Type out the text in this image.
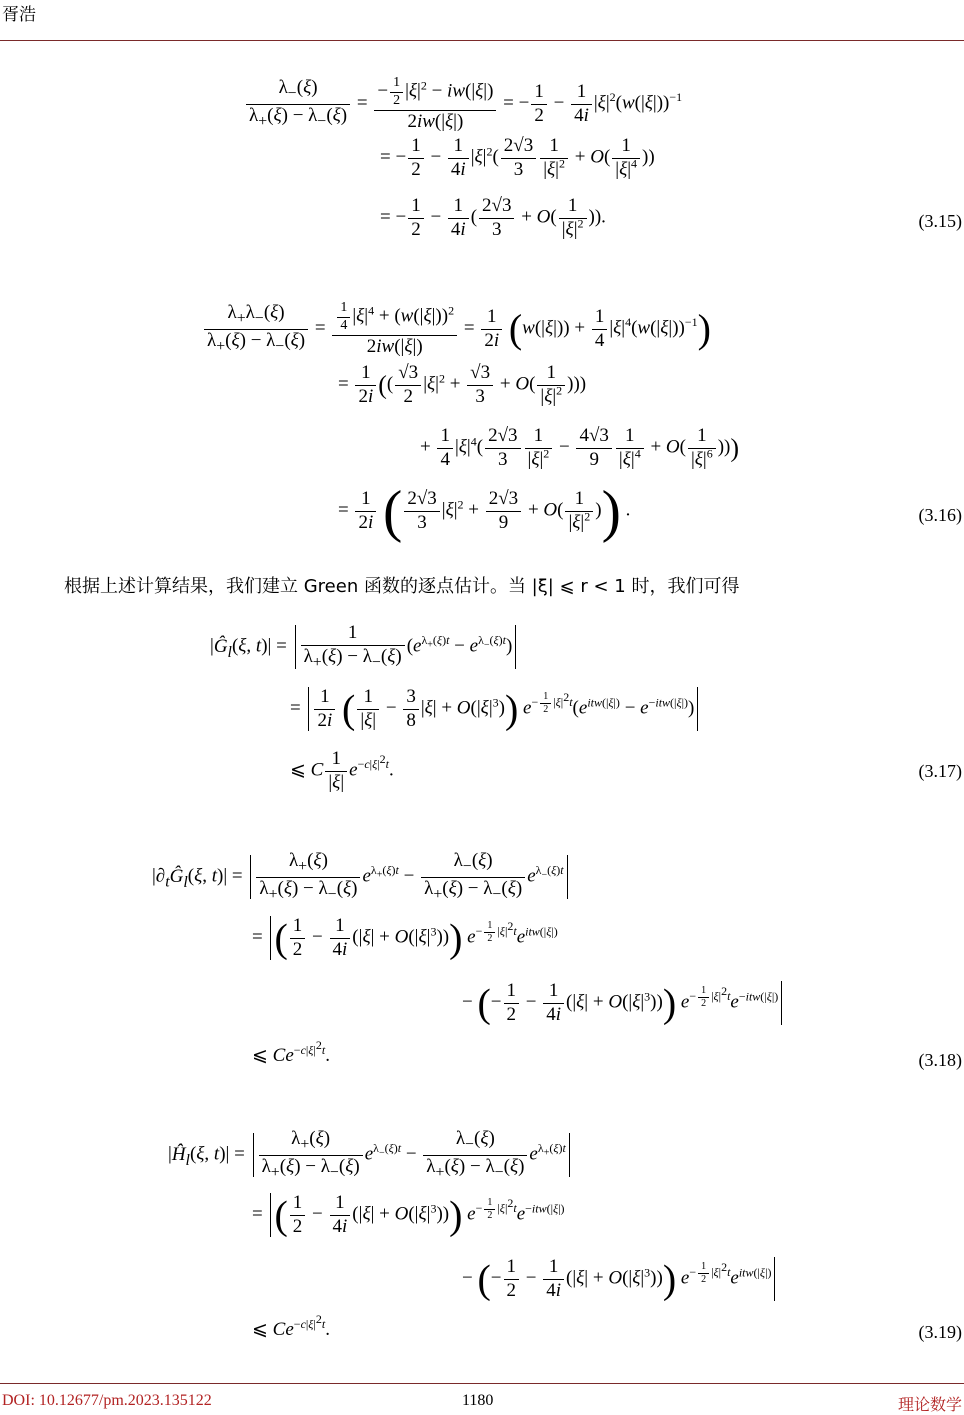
胥浩
$\frac{\lambda_-(\xi)}{\lambda_+(\xi) - \lambda_-(\xi)} = \frac{- \frac{1}{2} |\xi|^2 - iw(|\xi|)}{2iw(|\xi|)}$ = − $\frac{1}{2} - \frac{1}{4i} |\xi|^2(w(|\xi|))^{-1}$
= − $\frac{1}{2} - \frac{1}{4i} |\xi|^2( \frac{2√3}{3} \frac{1}{|\xi|^2} + O( \frac{1}{|\xi|^4}$ ))
= − $\frac{1}{2} - \frac{1}{4i}$ ( $\frac{2√3}{3} + O( \frac{1}{|\xi|^2}$ )).	(3.15)
$\frac{\lambda_+\lambda_-(\xi)}{\lambda_+(\xi) - \lambda_-(\xi)} = \frac{\frac{1}{4} |\xi|^4 + (w(|\xi|))^2}{2iw(|\xi|)} = \frac{1}{2i} (w(|\xi|)) + \frac{1}{4} |\xi|^4(w(|\xi|))^{-1}$)
= $\frac{1}{2i}$ (( $\frac{√3}{2} |\xi|^2 + \frac{√3}{3} + O( \frac{1}{|\xi|^2}$ )))
+ $\frac{1}{4} |\xi|^4( \frac{2√3}{3} \frac{1}{|\xi|^2} - \frac{4√3}{9} \frac{1}{|\xi|^4} + O( \frac{1}{|\xi|^6}$ )))
= $\frac{1}{2i}$ ( $\frac{2√3}{3} |\xi|^2 + \frac{2√3}{9} + O( \frac{1}{|\xi|^2}$ )) .	(3.16)
根据上述计算结果，我们建立 Green 函数的逐点估计。当 |ξ| ⩽ r < 1 时，我们可得
$|Ĝ_l(\xi$, $t)| = \frac{1}{\lambda_+(\xi) - \lambda_-(\xi)} (e^{\lambda_+(\xi)t} - e^{\lambda_-(\xi)t})$
= $\frac{1}{2i}$ ( $\frac{1}{|\xi|} - \frac{3}{8} |\xi| + O(|\xi|^3)$) $e^{- \frac{1}{2} |\xi|^2t}(e^{itw(|\xi|)} - e^{-itw(|\xi|)})$
⩽ C $\frac{1}{|\xi|} e^{-c|\xi|^2t}$.	(3.17)
$|\partial_tĜ_l(\xi$, $t)| = \frac{\lambda_+(\xi)}{\lambda_+(\xi) - \lambda_-(\xi)} e^{\lambda_+(\xi)t} - \frac{\lambda_-(\xi)}{\lambda_+(\xi) - \lambda_-(\xi)} e^{\lambda_-(\xi)t}$
= ( $\frac{1}{2} - \frac{1}{4i} (|\xi| + O(|\xi|^3))$) $e^{- \frac{1}{2} |\xi|^2t}e^{itw(|\xi|)}$
− (− $\frac{1}{2} - \frac{1}{4i} (|\xi| + O(|\xi|^3))$) $e^{- \frac{1}{2} |\xi|^2t}e^{-itw(|\xi|)}$
⩽ $Ce^{-c|\xi|^2t}$.	(3.18)
$|Ĥ_l(\xi$, $t)| = \frac{\lambda_+(\xi)}{\lambda_+(\xi) - \lambda_-(\xi)} e^{\lambda_-(\xi)t} - \frac{\lambda_-(\xi)}{\lambda_+(\xi) - \lambda_-(\xi)} e^{\lambda_+(\xi)t}$
= ( $\frac{1}{2} - \frac{1}{4i} (|\xi| + O(|\xi|^3))$) $e^{- \frac{1}{2} |\xi|^2t}e^{-itw(|\xi|)}$
− (− $\frac{1}{2} - \frac{1}{4i} (|\xi| + O(|\xi|^3))$) $e^{- \frac{1}{2} |\xi|^2t}e^{itw(|\xi|)}$
⩽ $Ce^{-c|\xi|^2t}$.	(3.19)
DOI: 10.12677/pm.2023.135122	1180	理论数学
